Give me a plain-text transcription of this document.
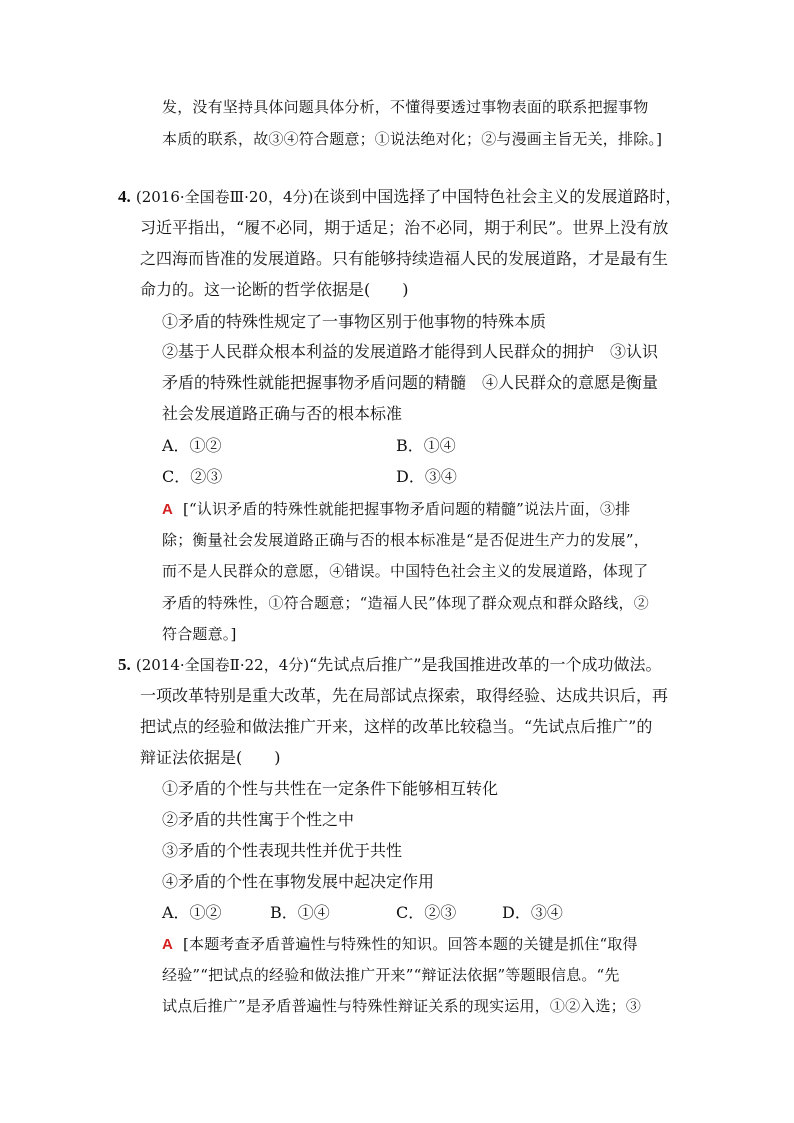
发，没有坚持具体问题具体分析，不懂得要透过事物表面的联系把握事物
本质的联系，故③④符合题意；①说法绝对化；②与漫画主旨无关，排除。]
4. (2016·全国卷Ⅲ·20，4分)在谈到中国选择了中国特色社会主义的发展道路时，
习近平指出，“履不必同，期于适足；治不必同，期于利民”。世界上没有放
之四海而皆准的发展道路。只有能够持续造福人民的发展道路，才是最有生
命力的。这一论断的哲学依据是(　　)
①矛盾的特殊性规定了一事物区别于他事物的特殊本质
②基于人民群众根本利益的发展道路才能得到人民群众的拥护　③认识
矛盾的特殊性就能把握事物矛盾问题的精髓　④人民群众的意愿是衡量
社会发展道路正确与否的根本标准
A．①②	B．①④
C．②③	D．③④
A [“认识矛盾的特殊性就能把握事物矛盾问题的精髓”说法片面，③排
除；衡量社会发展道路正确与否的根本标准是“是否促进生产力的发展”，
而不是人民群众的意愿，④错误。中国特色社会主义的发展道路，体现了
矛盾的特殊性，①符合题意；“造福人民”体现了群众观点和群众路线，②
符合题意。]
5. (2014·全国卷Ⅱ·22，4分)“先试点后推广”是我国推进改革的一个成功做法。
一项改革特别是重大改革，先在局部试点探索，取得经验、达成共识后，再
把试点的经验和做法推广开来，这样的改革比较稳当。“先试点后推广”的
辩证法依据是(　　)
①矛盾的个性与共性在一定条件下能够相互转化
②矛盾的共性寓于个性之中
③矛盾的个性表现共性并优于共性
④矛盾的个性在事物发展中起决定作用
A．①②	B．①④	C．②③	D．③④
A [本题考查矛盾普遍性与特殊性的知识。回答本题的关键是抓住“取得
经验”“把试点的经验和做法推广开来”“辩证法依据”等题眼信息。“先
试点后推广”是矛盾普遍性与特殊性辩证关系的现实运用，①②入选；③
